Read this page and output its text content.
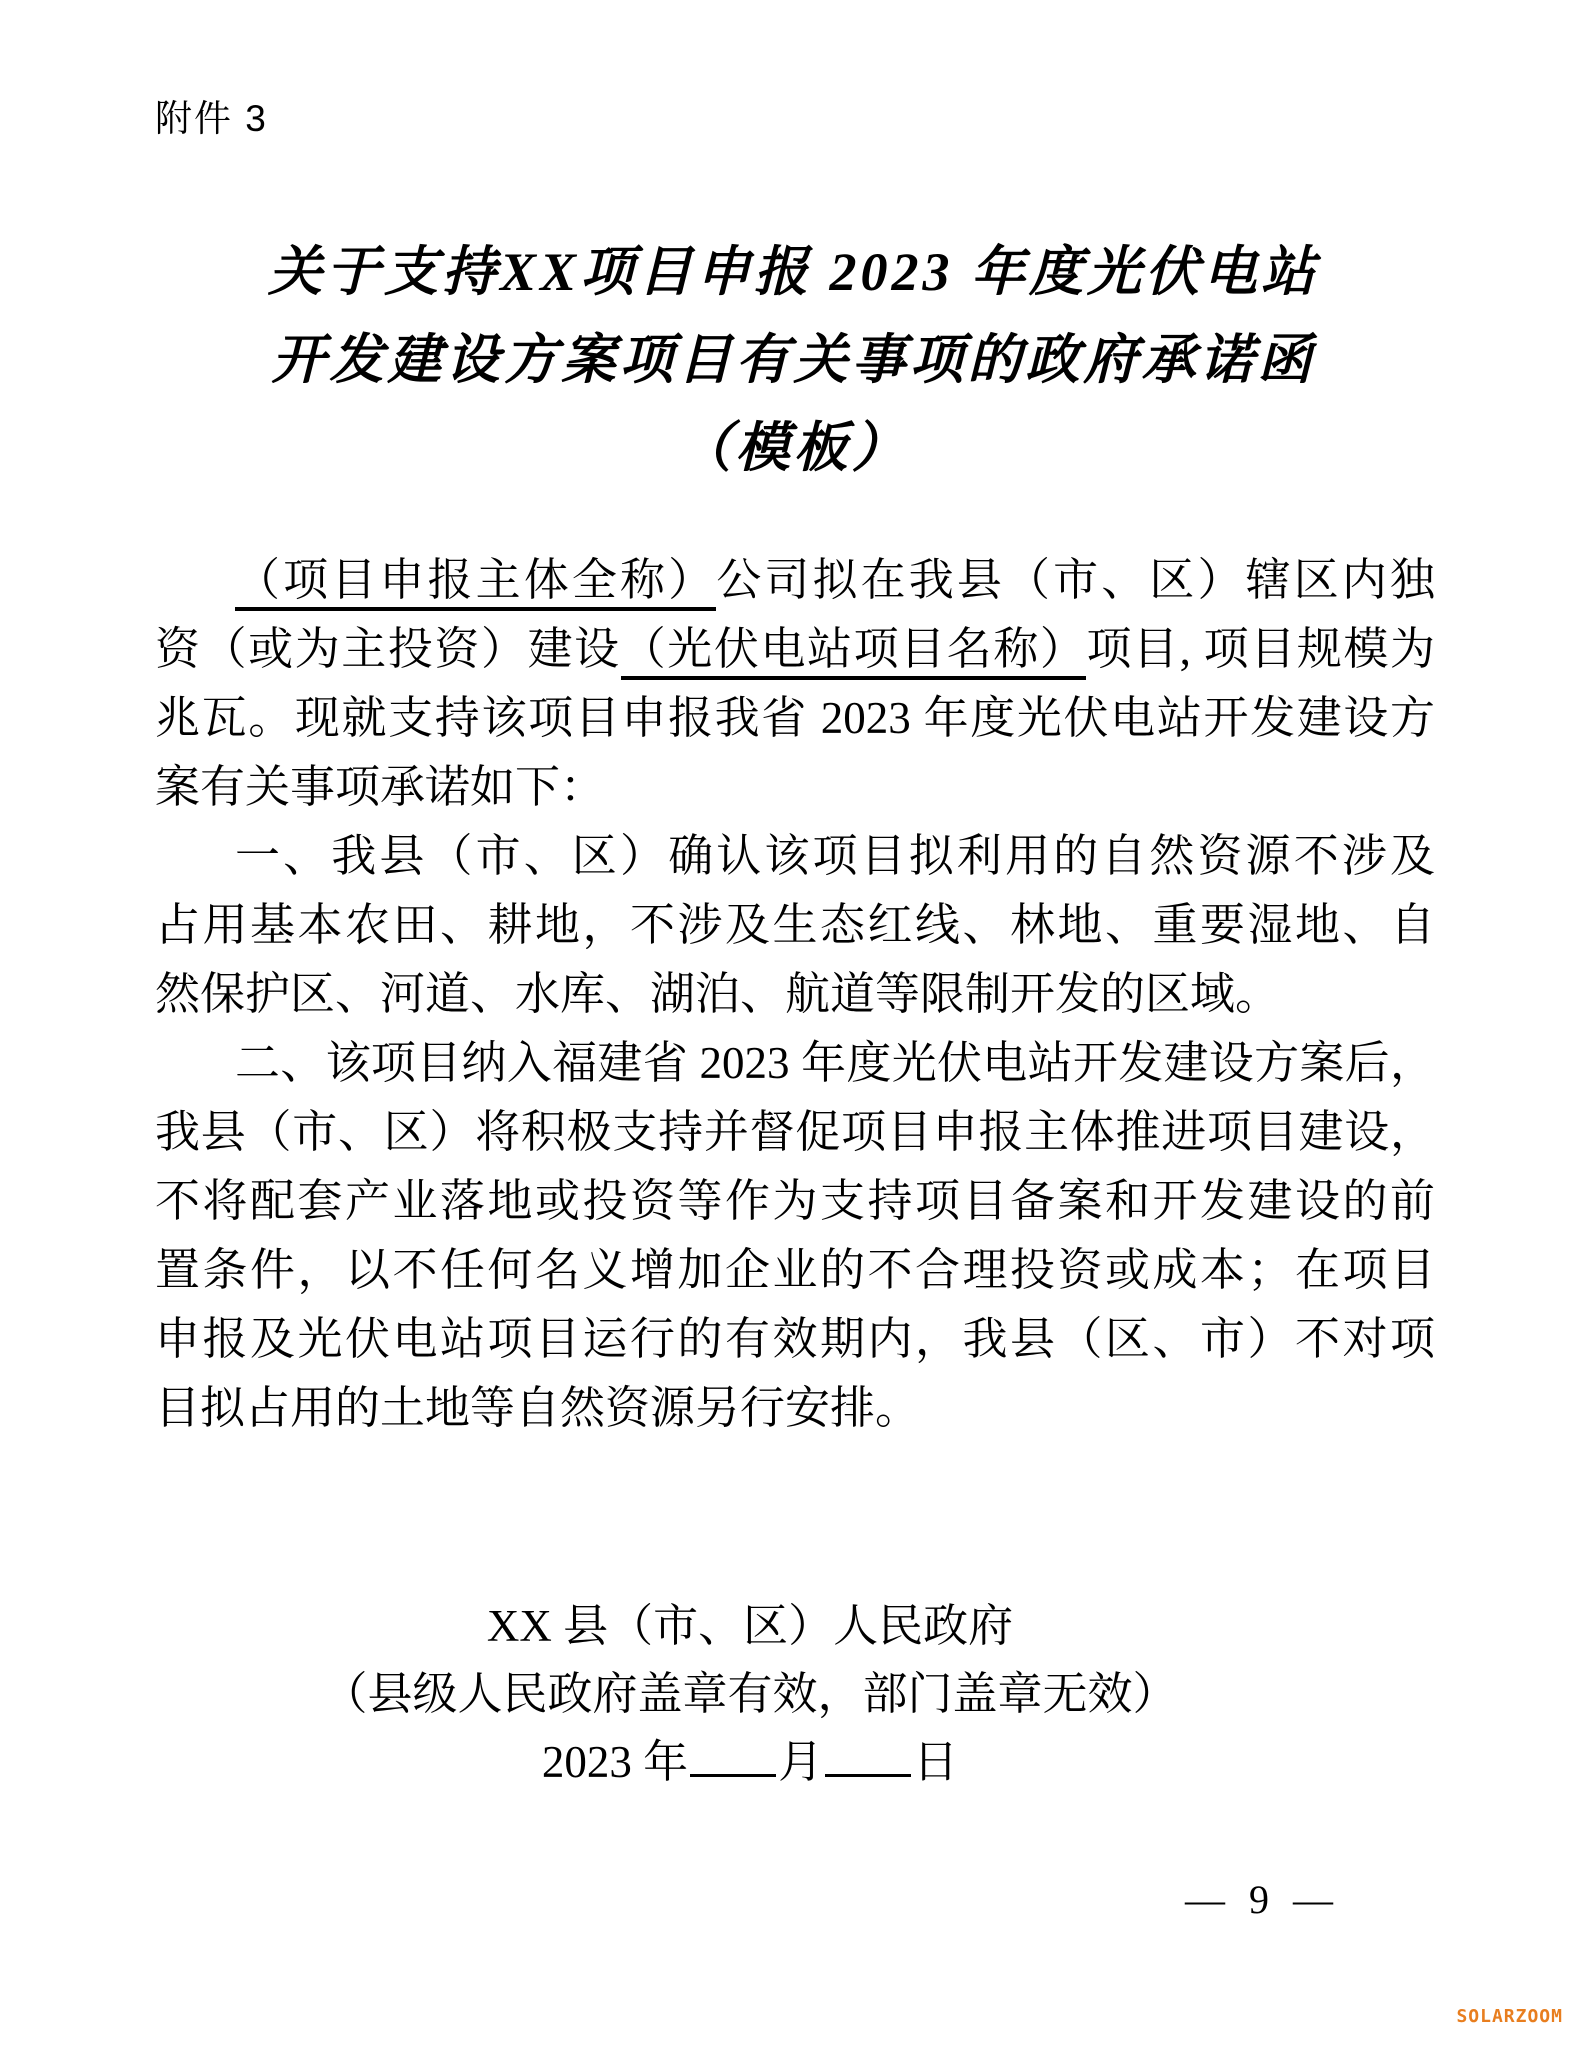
附件 3
关于支持XX项目申报 2023 年度光伏电站
开发建设方案项目有关事项的政府承诺函
（模板）
（项目申报主体全称）公司拟在我县（市、区）辖区内独
资（或为主投资）建设（光伏电站项目名称）项目, 项目规模为
兆瓦。现就支持该项目申报我省 2023 年度光伏电站开发建设方
案有关事项承诺如下：
一、我县（市、区）确认该项目拟利用的自然资源不涉及
占用基本农田、耕地，不涉及生态红线、林地、重要湿地、自
然保护区、河道、水库、湖泊、航道等限制开发的区域。
二、该项目纳入福建省 2023 年度光伏电站开发建设方案后，
我县（市、区）将积极支持并督促项目申报主体推进项目建设，
不将配套产业落地或投资等作为支持项目备案和开发建设的前
置条件，以不任何名义增加企业的不合理投资或成本；在项目
申报及光伏电站项目运行的有效期内，我县（区、市）不对项
目拟占用的土地等自然资源另行安排。
XX 县（市、区）人民政府
（县级人民政府盖章有效，部门盖章无效）
2023 年 月 日
— 9 —
SOLARZOOM
